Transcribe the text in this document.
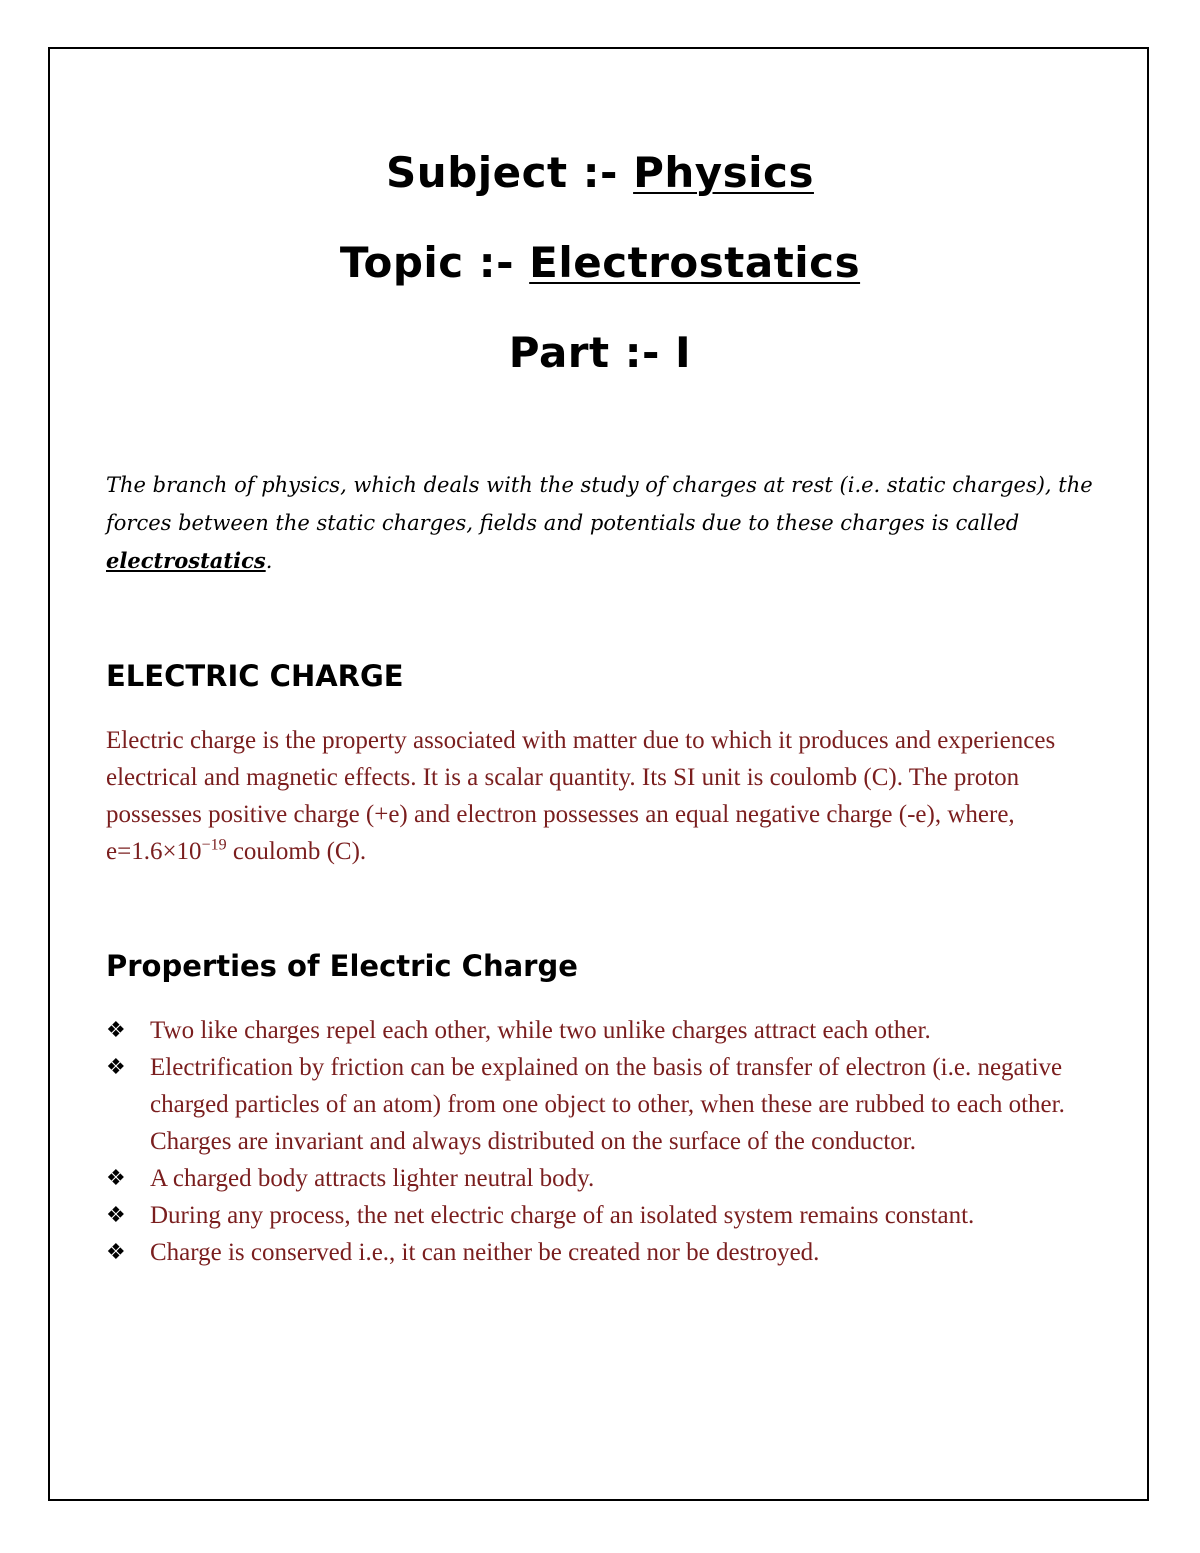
Subject :- Physics
Topic :- Electrostatics
Part :- I
The branch of physics, which deals with the study of charges at rest (i.e. static charges), the forces between the static charges, fields and potentials due to these charges is called electrostatics.
ELECTRIC CHARGE
Electric charge is the property associated with matter due to which it produces and experiences electrical and magnetic effects. It is a scalar quantity. Its SI unit is coulomb (C). The proton possesses positive charge (+e) and electron possesses an equal negative charge (-e), where, $e=1.6\times 10^{-19}$ coulomb (C).
Properties of Electric Charge
❖ Two like charges repel each other, while two unlike charges attract each other.
❖ Electrification by friction can be explained on the basis of transfer of electron (i.e. negative charged particles of an atom) from one object to other, when these are rubbed to each other. Charges are invariant and always distributed on the surface of the conductor.
❖ A charged body attracts lighter neutral body.
❖ During any process, the net electric charge of an isolated system remains constant.
❖ Charge is conserved i.e., it can neither be created nor be destroyed.
